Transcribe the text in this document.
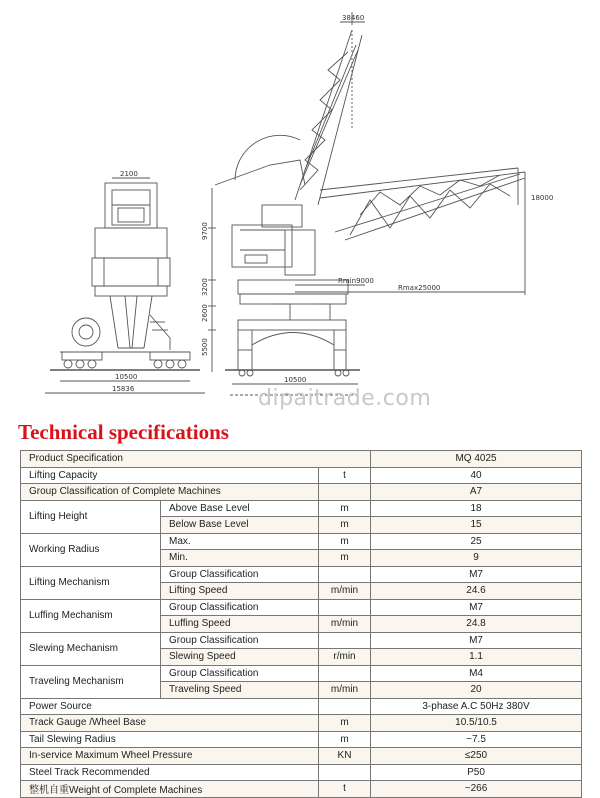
2100
10500
15836
38460
18000
9700
3200
2600
5500
Rmin9000
Rmax25000
10500
dipaitrade.com
Technical specifications
Product Specification			MQ 4025
Lifting Capacity		t	40
Group Classification of Complete Machines			A7
Lifting Height	Above Base Level	m	18
	Below Base Level	m	15
Working Radius	Max.	m	25
	Min.	m	9
Lifting Mechanism	Group Classification		M7
	Lifting Speed	m/min	24.6
Luffing Mechanism	Group Classification		M7
	Luffing Speed	m/min	24.8
Slewing Mechanism	Group Classification		M7
	Slewing Speed	r/min	1.1
Traveling Mechanism	Group Classification		M4
	Traveling Speed	m/min	20
Power Source			3-phase A.C 50Hz 380V
Track Gauge /Wheel Base		m	10.5/10.5
Tail Slewing Radius		m	~7.5
In-service Maximum Wheel Pressure		KN	≤250
Steel Track Recommended			P50
整机自重Weight of Complete Machines		t	~266
